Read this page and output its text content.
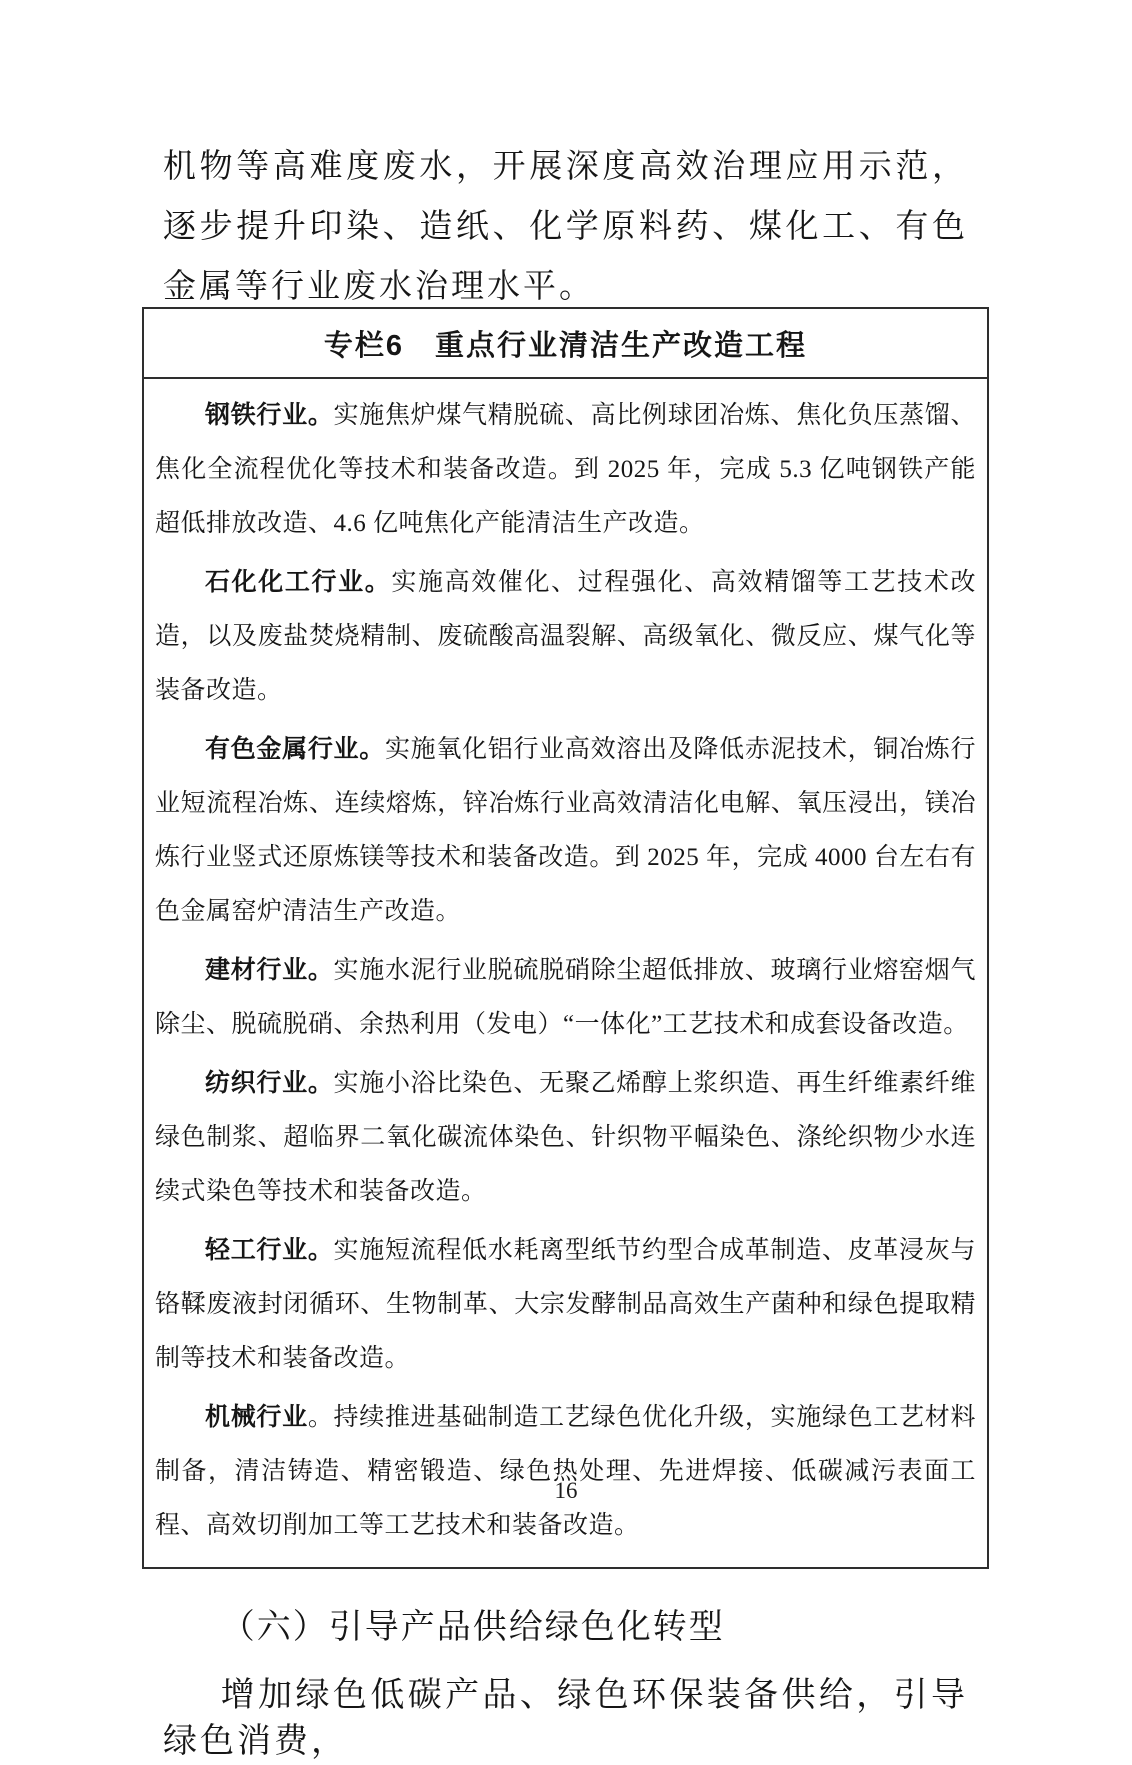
机物等高难度废水，开展深度高效治理应用示范，逐步提升印染、造纸、化学原料药、煤化工、有色金属等行业废水治理水平。

专栏6　重点行业清洁生产改造工程

钢铁行业。实施焦炉煤气精脱硫、高比例球团冶炼、焦化负压蒸馏、焦化全流程优化等技术和装备改造。到 2025 年，完成 5.3 亿吨钢铁产能超低排放改造、4.6 亿吨焦化产能清洁生产改造。

石化化工行业。实施高效催化、过程强化、高效精馏等工艺技术改造，以及废盐焚烧精制、废硫酸高温裂解、高级氧化、微反应、煤气化等装备改造。

有色金属行业。实施氧化铝行业高效溶出及降低赤泥技术，铜冶炼行业短流程冶炼、连续熔炼，锌冶炼行业高效清洁化电解、氧压浸出，镁冶炼行业竖式还原炼镁等技术和装备改造。到 2025 年，完成 4000 台左右有色金属窑炉清洁生产改造。

建材行业。实施水泥行业脱硫脱硝除尘超低排放、玻璃行业熔窑烟气除尘、脱硫脱硝、余热利用（发电）“一体化”工艺技术和成套设备改造。

纺织行业。实施小浴比染色、无聚乙烯醇上浆织造、再生纤维素纤维绿色制浆、超临界二氧化碳流体染色、针织物平幅染色、涤纶织物少水连续式染色等技术和装备改造。

轻工行业。实施短流程低水耗离型纸节约型合成革制造、皮革浸灰与铬鞣废液封闭循环、生物制革、大宗发酵制品高效生产菌种和绿色提取精制等技术和装备改造。

机械行业。持续推进基础制造工艺绿色优化升级，实施绿色工艺材料制备，清洁铸造、精密锻造、绿色热处理、先进焊接、低碳减污表面工程、高效切削加工等工艺技术和装备改造。

（六）引导产品供给绿色化转型

增加绿色低碳产品、绿色环保装备供给，引导绿色消费，

16
